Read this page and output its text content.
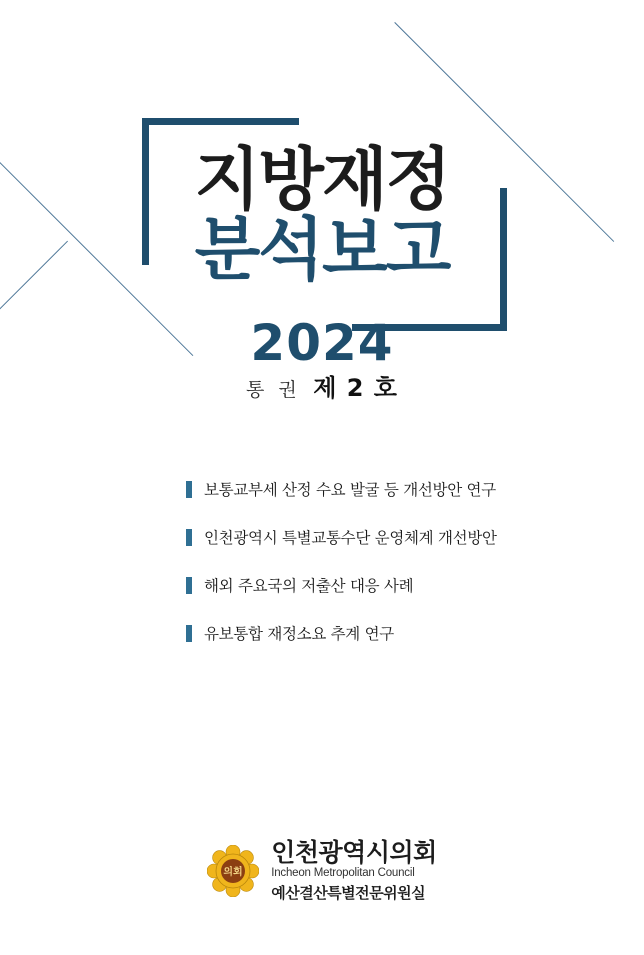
지방재정
분석보고
2024
통 권 제 2 호
보통교부세 산정 수요 발굴 등 개선방안 연구
인천광역시 특별교통수단 운영체계 개선방안
해외 주요국의 저출산 대응 사례
유보통합 재정소요 추계 연구
의회
인천광역시의회
Incheon Metropolitan Council
예산결산특별전문위원실
